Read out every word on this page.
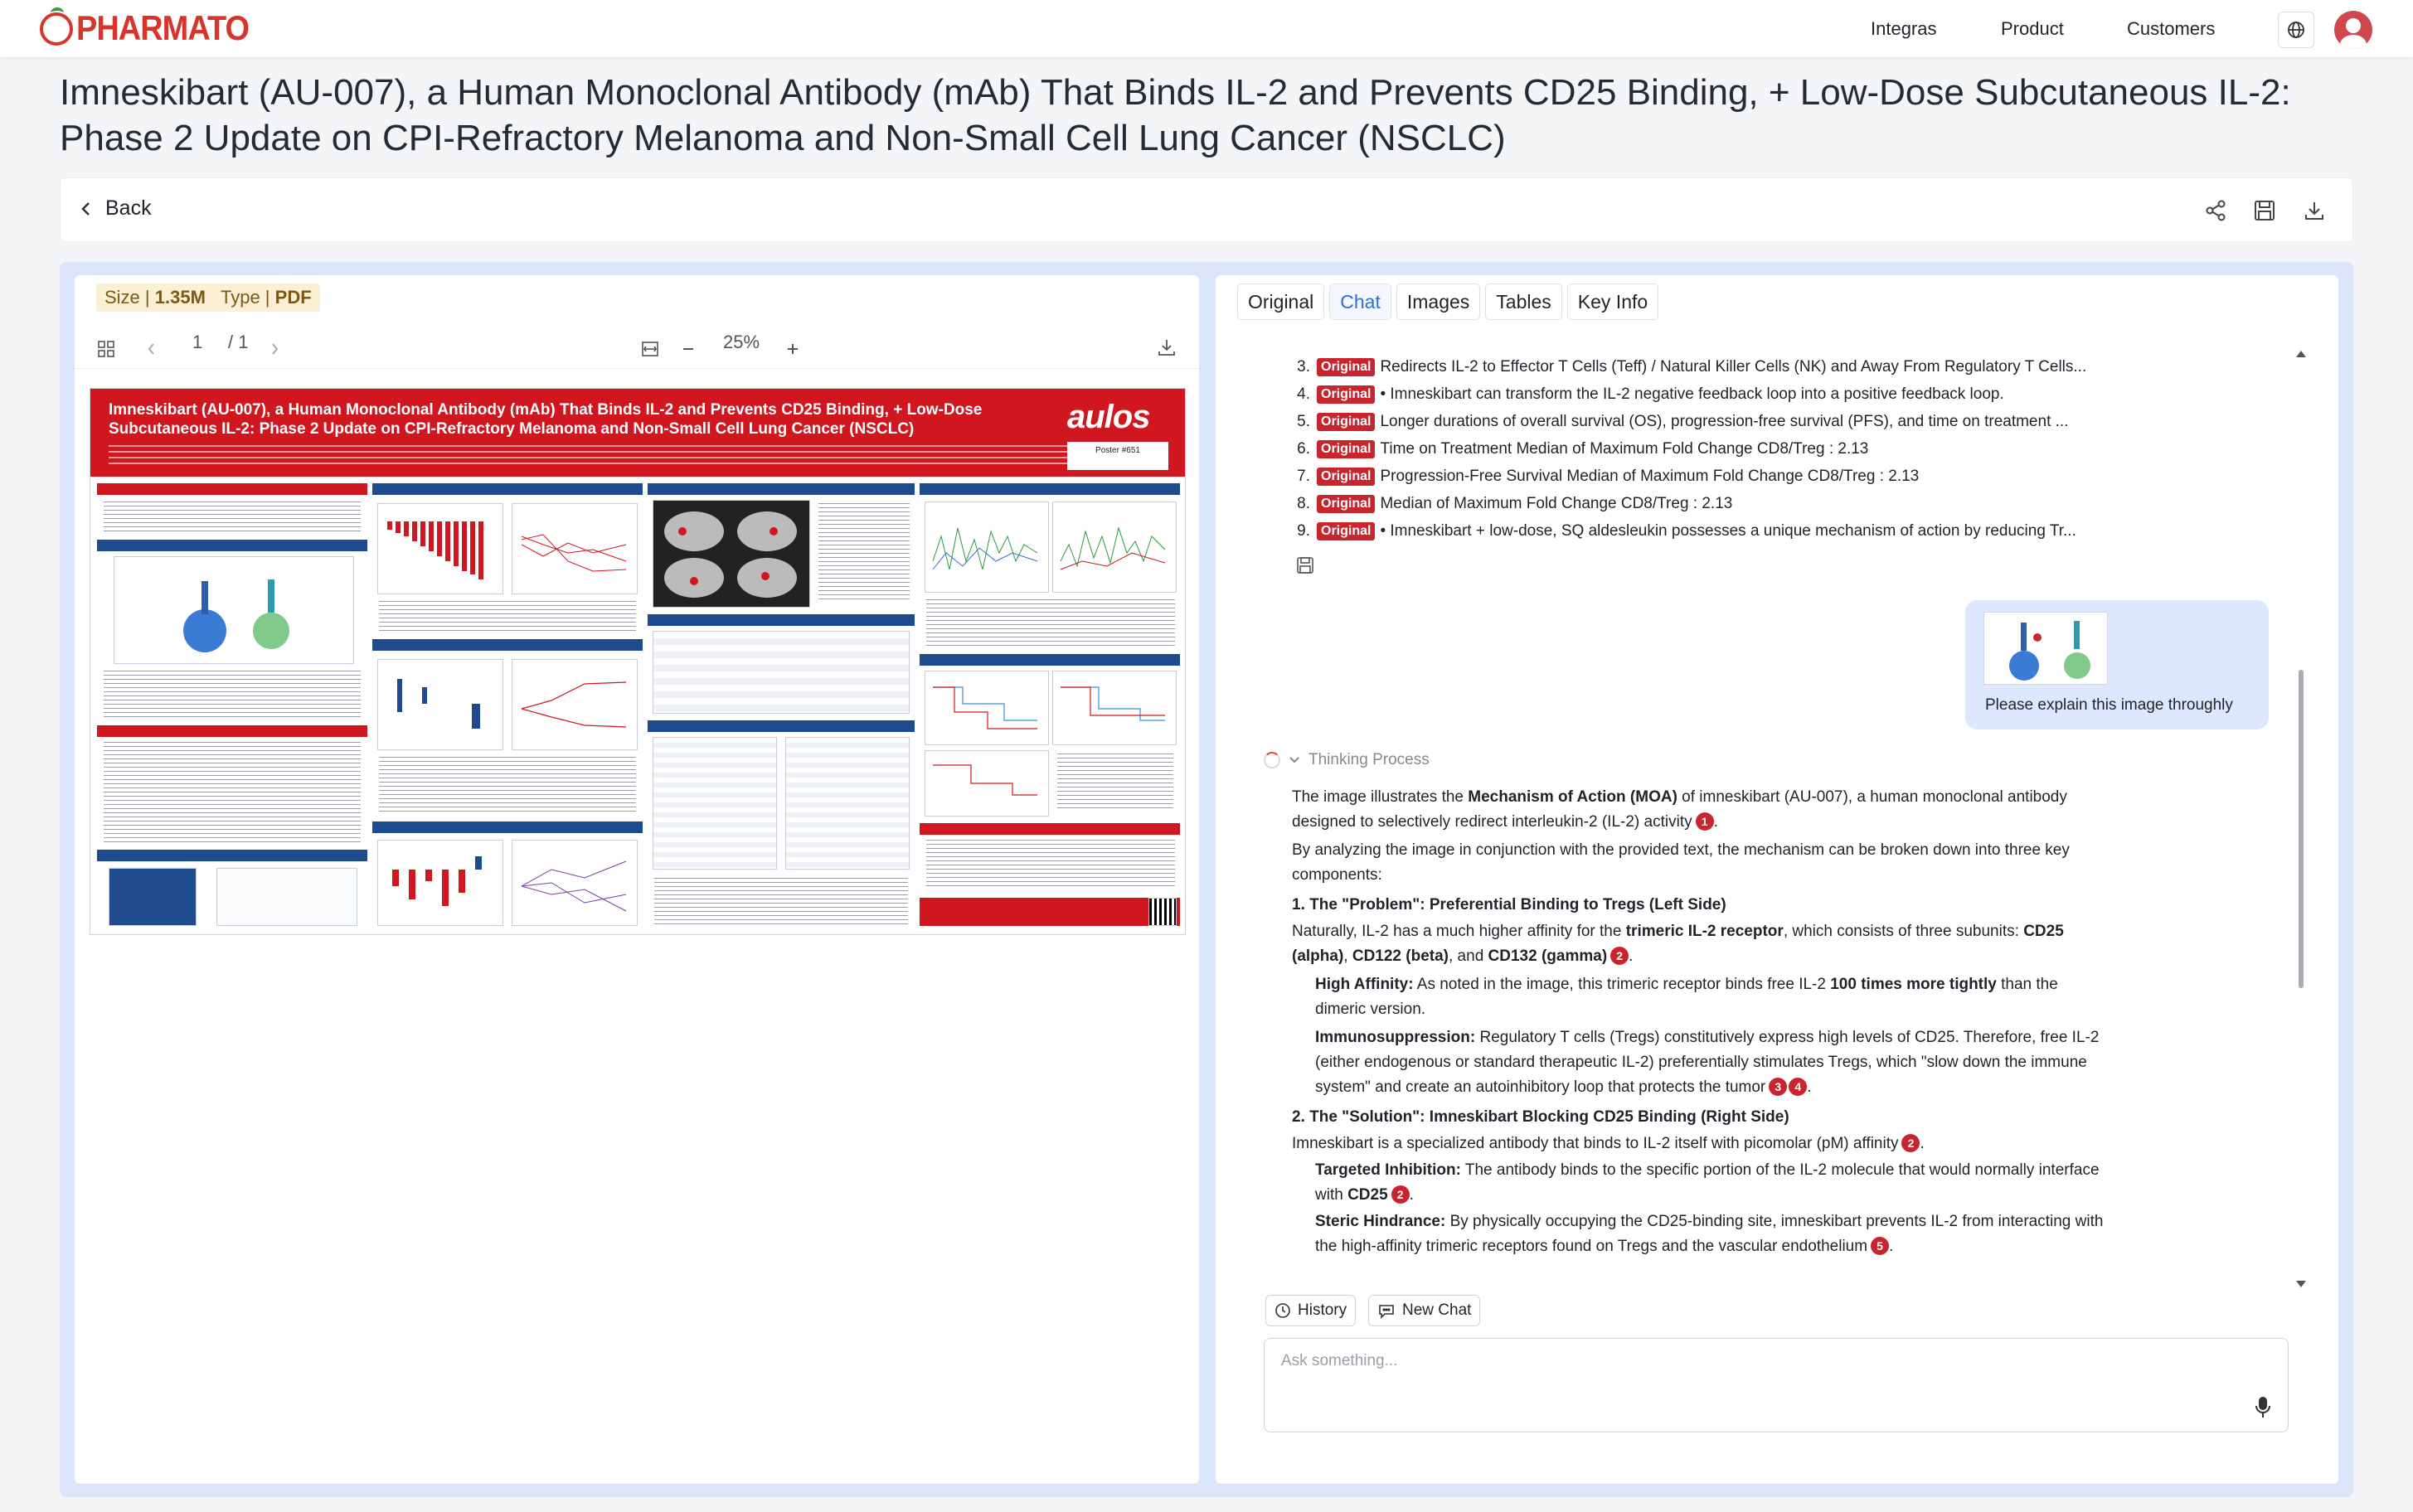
PHARMATO	Integras	Product	Customers
Imneskibart (AU-007), a Human Monoclonal Antibody (mAb) That Binds IL-2 and Prevents CD25 Binding, + Low-Dose Subcutaneous IL-2: Phase 2 Update on CPI-Refractory Melanoma and Non-Small Cell Lung Cancer (NSCLC)
Back
Size | 1.35M Type | PDF
1 / 1	25%
Imneskibart (AU-007), a Human Monoclonal Antibody (mAb) That Binds IL-2 and Prevents CD25 Binding, + Low-Dose Subcutaneous IL-2: Phase 2 Update on CPI-Refractory Melanoma and Non-Small Cell Lung Cancer (NSCLC)	aulos
Poster #651
Original	Chat	Images	Tables	Key Info
3. Original Redirects IL-2 to Effector T Cells (Teff) / Natural Killer Cells (NK) and Away From Regulatory T Cells...
4. Original • Imneskibart can transform the IL-2 negative feedback loop into a positive feedback loop.
5. Original Longer durations of overall survival (OS), progression-free survival (PFS), and time on treatment ...
6. Original Time on Treatment Median of Maximum Fold Change CD8/Treg : 2.13
7. Original Progression-Free Survival Median of Maximum Fold Change CD8/Treg : 2.13
8. Original Median of Maximum Fold Change CD8/Treg : 2.13
9. Original • Imneskibart + low-dose, SQ aldesleukin possesses a unique mechanism of action by reducing Tr...
Please explain this image throughly
Thinking Process

The image illustrates the Mechanism of Action (MOA) of imneskibart (AU-007), a human monoclonal antibody designed to selectively redirect interleukin-2 (IL-2) activity 1 .

By analyzing the image in conjunction with the provided text, the mechanism can be broken down into three key components:

1. The "Problem": Preferential Binding to Tregs (Left Side)

Naturally, IL-2 has a much higher affinity for the trimeric IL-2 receptor, which consists of three subunits: CD25 (alpha), CD122 (beta), and CD132 (gamma) 2 .

High Affinity: As noted in the image, this trimeric receptor binds free IL-2 100 times more tightly than the dimeric version.

Immunosuppression: Regulatory T cells (Tregs) constitutively express high levels of CD25. Therefore, free IL-2 (either endogenous or standard therapeutic IL-2) preferentially stimulates Tregs, which "slow down the immune system" and create an autoinhibitory loop that protects the tumor 3 4 .

2. The "Solution": Imneskibart Blocking CD25 Binding (Right Side)

Imneskibart is a specialized antibody that binds to IL-2 itself with picomolar (pM) affinity 2 .

Targeted Inhibition: The antibody binds to the specific portion of the IL-2 molecule that would normally interface with CD25 2 .

Steric Hindrance: By physically occupying the CD25-binding site, imneskibart prevents IL-2 from interacting with the high-affinity trimeric receptors found on Tregs and the vascular endothelium 5 .

History	New Chat
Ask something...
